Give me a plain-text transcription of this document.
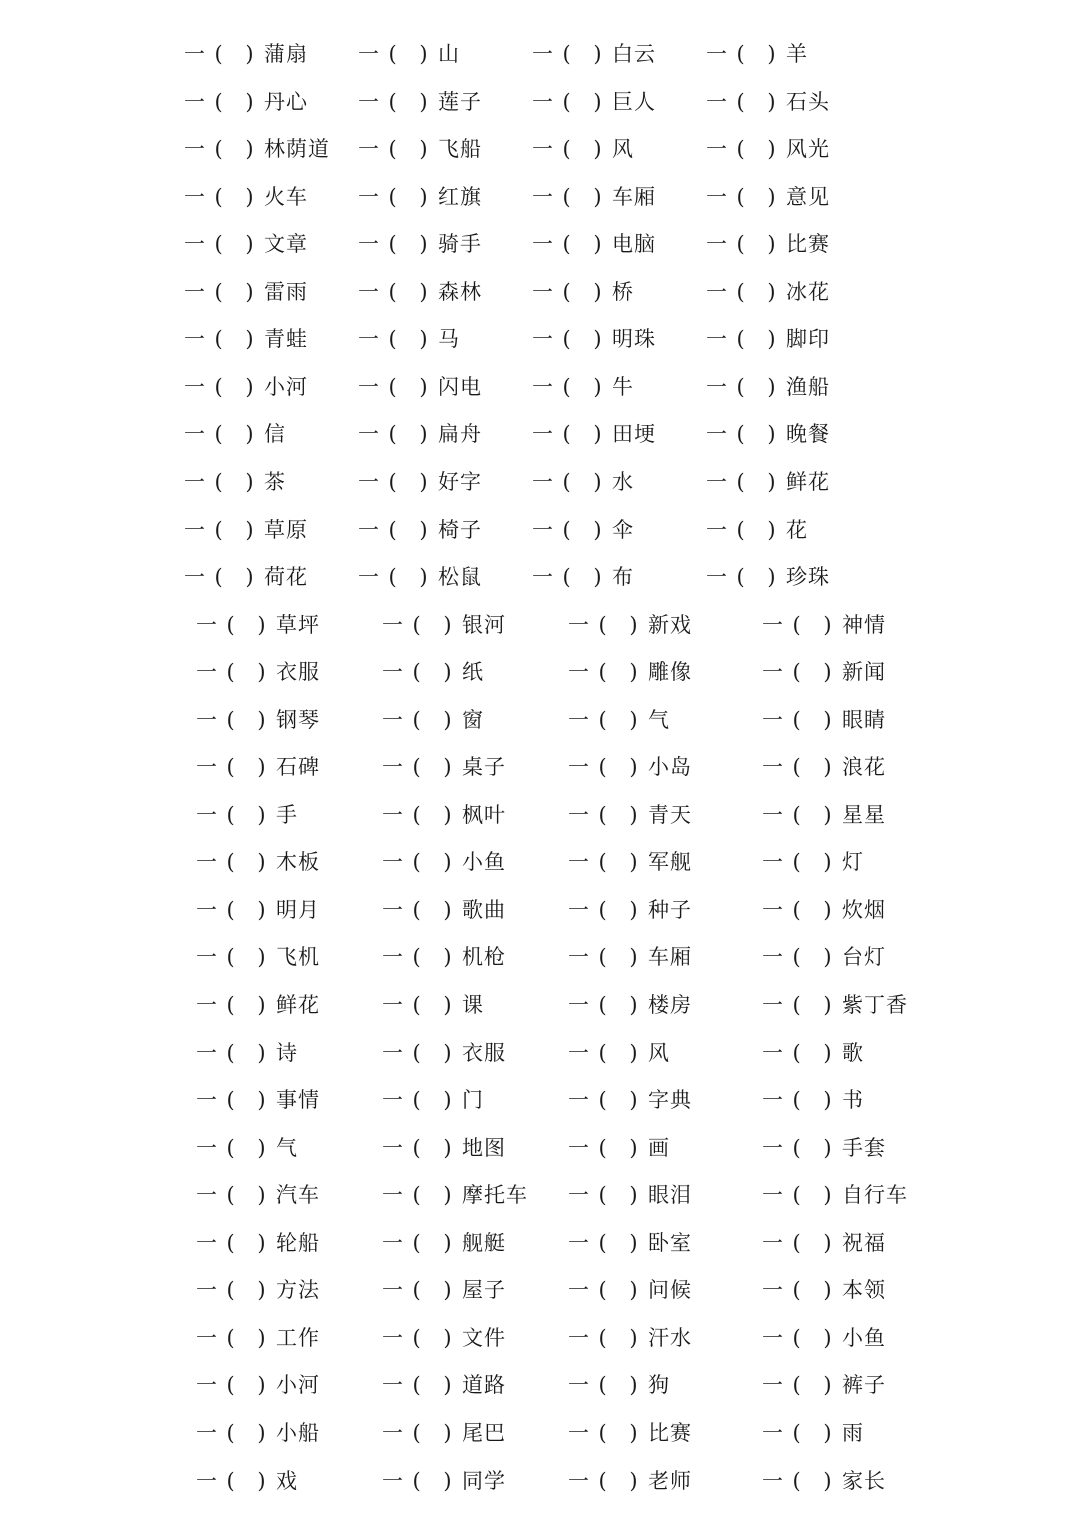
一 ( ) 蒲扇 一 ( ) 山	一 ( ) 白云 一 ( ) 羊
一 ( ) 丹心 一 ( ) 莲子 一 ( ) 巨人 一 ( ) 石头
一 ( ) 林荫道 一 ( ) 飞船 一 ( ) 风	一 ( ) 风光
一 ( ) 火车 一 ( ) 红旗 一 ( ) 车厢 一 ( ) 意见
一 ( ) 文章 一 ( ) 骑手 一 ( ) 电脑 一 ( ) 比赛
一 ( ) 雷雨 一 ( ) 森林 一 ( ) 桥	一 ( ) 冰花
一 ( ) 青蛙 一 ( ) 马	一 ( ) 明珠 一 ( ) 脚印
一 ( ) 小河 一 ( ) 闪电 一 ( ) 牛	一 ( ) 渔船
一 ( ) 信	一 ( ) 扁舟 一 ( ) 田埂 一 ( ) 晚餐
一 ( ) 茶	一 ( ) 好字 一 ( ) 水	一 ( ) 鲜花
一 ( ) 草原 一 ( ) 椅子 一 ( ) 伞	一 ( ) 花
一 ( ) 荷花 一 ( ) 松鼠 一 ( ) 布	一 ( ) 珍珠
一 ( ) 草坪	一 ( ) 银河	一 ( ) 新戏	一 ( ) 神情
一 ( ) 衣服	一 ( ) 纸	一 ( ) 雕像	一 ( ) 新闻
一 ( ) 钢琴	一 ( ) 窗	一 ( ) 气	一 ( ) 眼睛
一 ( ) 石碑	一 ( ) 桌子	一 ( ) 小岛	一 ( ) 浪花
一 ( ) 手	一 ( ) 枫叶	一 ( ) 青天	一 ( ) 星星
一 ( ) 木板	一 ( ) 小鱼	一 ( ) 军舰	一 ( ) 灯
一 ( ) 明月	一 ( ) 歌曲	一 ( ) 种子	一 ( ) 炊烟
一 ( ) 飞机	一 ( ) 机枪	一 ( ) 车厢	一 ( ) 台灯
一 ( ) 鲜花	一 ( ) 课	一 ( ) 楼房	一 ( ) 紫丁香
一 ( ) 诗	一 ( ) 衣服	一 ( ) 风	一 ( ) 歌
一 ( ) 事情	一 ( ) 门	一 ( ) 字典	一 ( ) 书
一 ( ) 气	一 ( ) 地图	一 ( ) 画	一 ( ) 手套
一 ( ) 汽车	一 ( ) 摩托车 一 ( ) 眼泪	一 ( ) 自行车
一 ( ) 轮船	一 ( ) 舰艇	一 ( ) 卧室	一 ( ) 祝福
一 ( ) 方法	一 ( ) 屋子	一 ( ) 问候	一 ( ) 本领
一 ( ) 工作	一 ( ) 文件	一 ( ) 汗水	一 ( ) 小鱼
一 ( ) 小河	一 ( ) 道路	一 ( ) 狗	一 ( ) 裤子
一 ( ) 小船	一 ( ) 尾巴	一 ( ) 比赛	一 ( ) 雨
一 ( ) 戏	一 ( ) 同学	一 ( ) 老师	一 ( ) 家长
